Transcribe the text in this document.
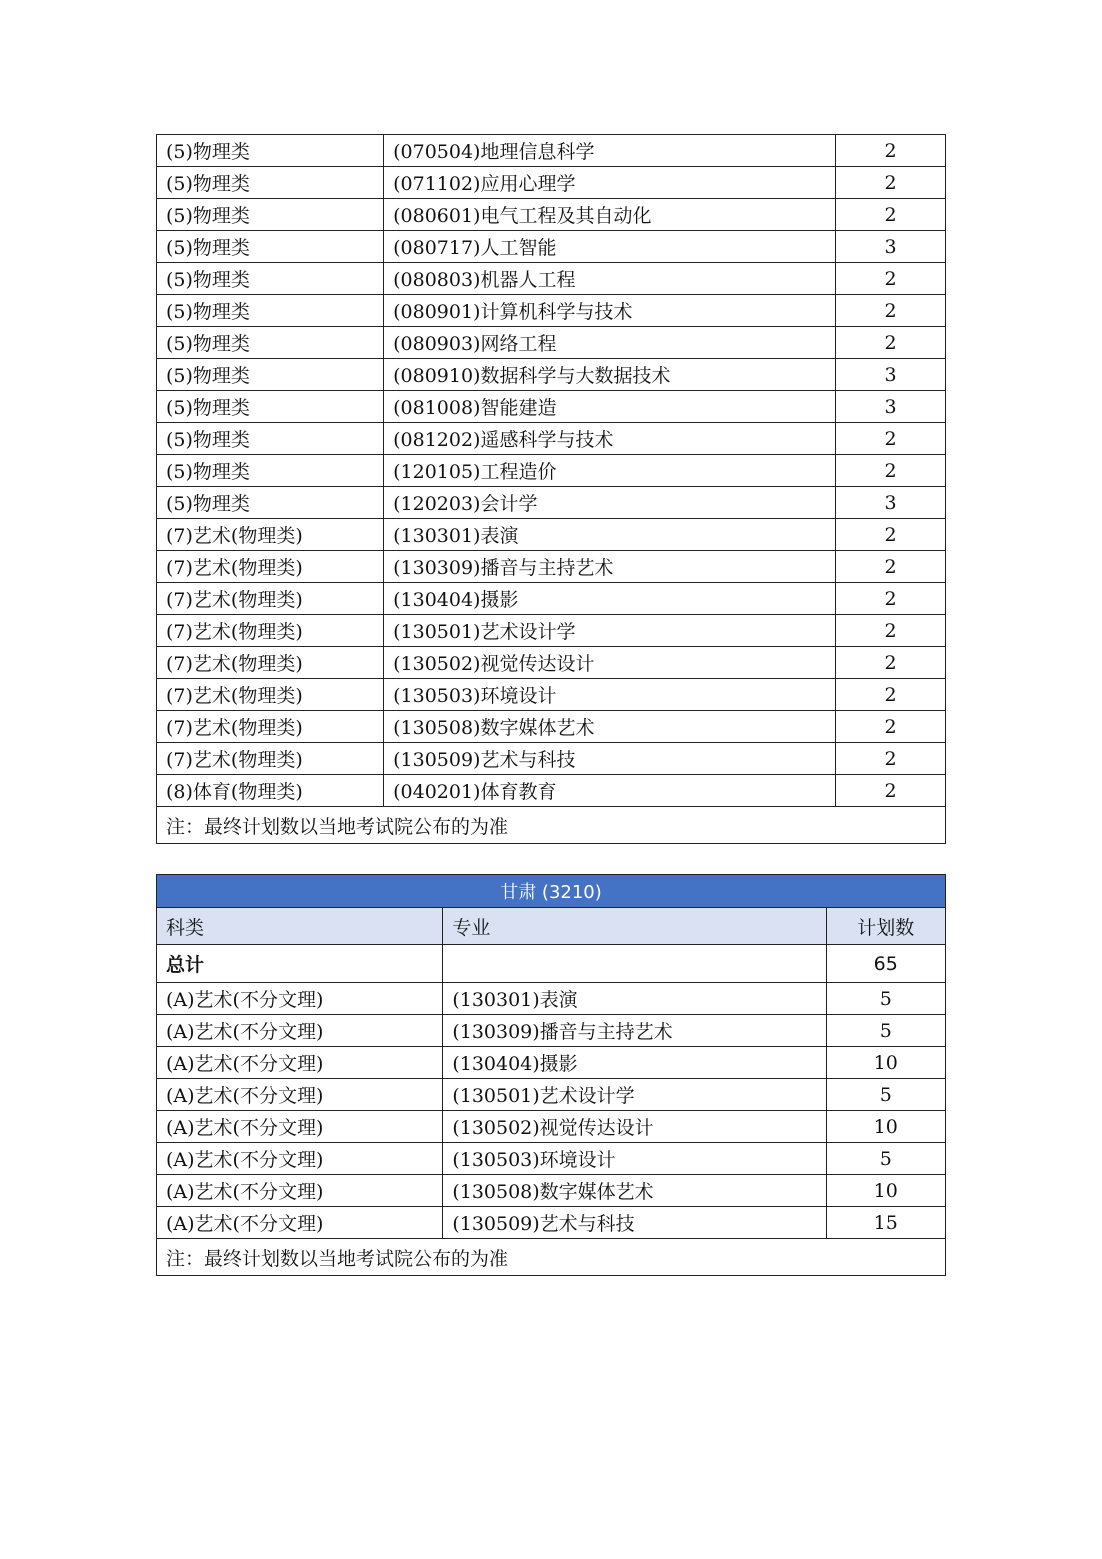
(5)物理类	(070504)地理信息科学	2
(5)物理类	(071102)应用心理学	2
(5)物理类	(080601)电气工程及其自动化	2
(5)物理类	(080717)人工智能	3
(5)物理类	(080803)机器人工程	2
(5)物理类	(080901)计算机科学与技术	2
(5)物理类	(080903)网络工程	2
(5)物理类	(080910)数据科学与大数据技术	3
(5)物理类	(081008)智能建造	3
(5)物理类	(081202)遥感科学与技术	2
(5)物理类	(120105)工程造价	2
(5)物理类	(120203)会计学	3
(7)艺术(物理类)	(130301)表演	2
(7)艺术(物理类)	(130309)播音与主持艺术	2
(7)艺术(物理类)	(130404)摄影	2
(7)艺术(物理类)	(130501)艺术设计学	2
(7)艺术(物理类)	(130502)视觉传达设计	2
(7)艺术(物理类)	(130503)环境设计	2
(7)艺术(物理类)	(130508)数字媒体艺术	2
(7)艺术(物理类)	(130509)艺术与科技	2
(8)体育(物理类)	(040201)体育教育	2
注：最终计划数以当地考试院公布的为准		
甘肃 (3210)		
科类	专业	计划数
总计		65
(A)艺术(不分文理)	(130301)表演	5
(A)艺术(不分文理)	(130309)播音与主持艺术	5
(A)艺术(不分文理)	(130404)摄影	10
(A)艺术(不分文理)	(130501)艺术设计学	5
(A)艺术(不分文理)	(130502)视觉传达设计	10
(A)艺术(不分文理)	(130503)环境设计	5
(A)艺术(不分文理)	(130508)数字媒体艺术	10
(A)艺术(不分文理)	(130509)艺术与科技	15
注：最终计划数以当地考试院公布的为准		
